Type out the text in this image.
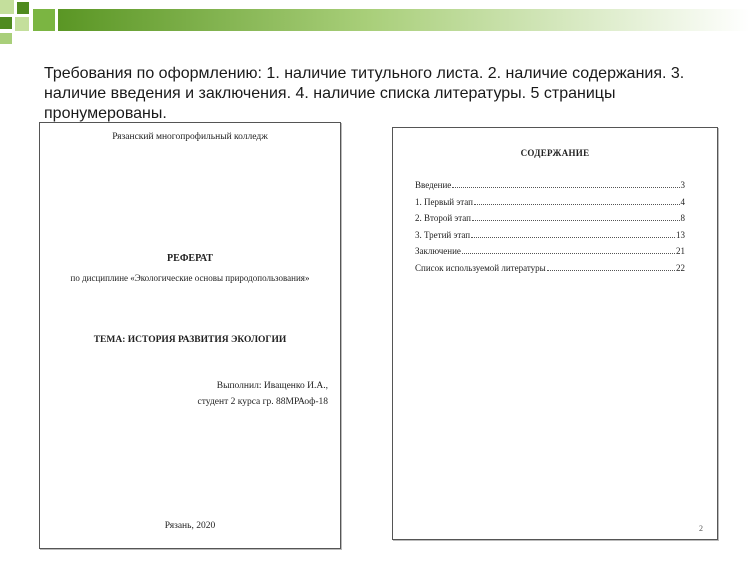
Требования по оформлению: 1. наличие титульного листа. 2. наличие содержания. 3. наличие введения и заключения. 4. наличие списка литературы. 5 страницы пронумерованы.

Рязанский многопрофильный колледж
РЕФЕРАТ
по дисциплине «Экологические основы природопользования»
ТЕМА: ИСТОРИЯ РАЗВИТИЯ ЭКОЛОГИИ
Выполнил: Иващенко И.А.,
студент 2 курса гр. 88МРАоф-18
Рязань, 2020
СОДЕРЖАНИЕ
Введение	3
1. Первый этап	4
2. Второй этап	8
3. Третий этап	13
Заключение	21
Список используемой литературы	22
2
